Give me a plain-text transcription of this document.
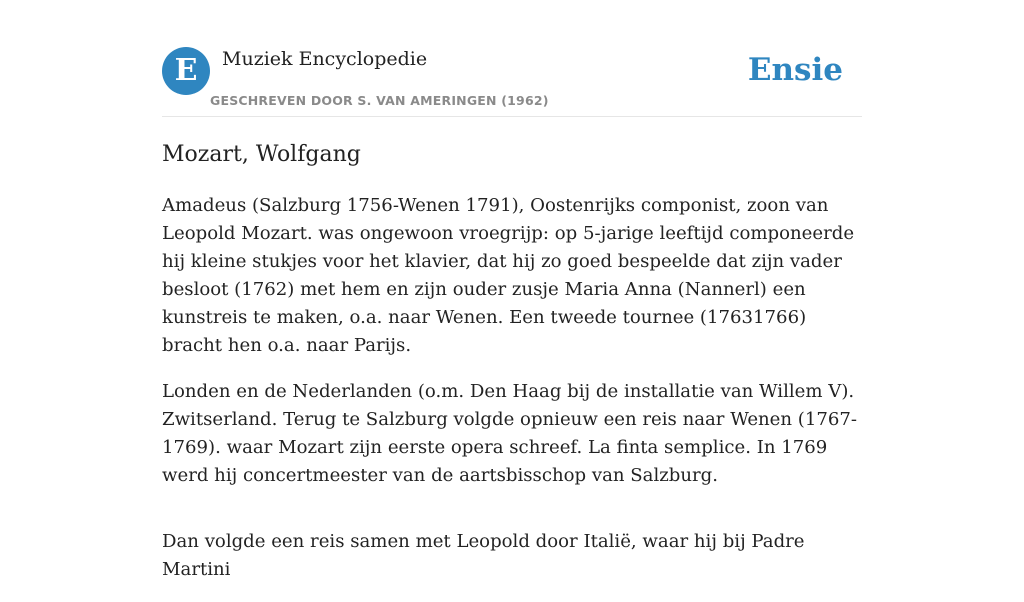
E	Muziek Encyclopedie
GESCHREVEN DOOR S. VAN AMERINGEN (1962)
Ensie
Mozart, Wolfgang

Amadeus (Salzburg 1756-Wenen 1791), Oostenrijks componist, zoon van Leopold Mozart. was ongewoon vroegrijp: op 5-jarige leeftijd componeerde hij kleine stukjes voor het klavier, dat hij zo goed bespeelde dat zijn vader besloot (1762) met hem en zijn ouder zusje Maria Anna (Nannerl) een kunstreis te maken, o.a. naar Wenen. Een tweede tournee (17631766) bracht hen o.a. naar Parijs.

Londen en de Nederlanden (o.m. Den Haag bij de installatie van Willem V). Zwitserland. Terug te Salzburg volgde opnieuw een reis naar Wenen (1767-1769). waar Mozart zijn eerste opera schreef. La finta semplice. In 1769 werd hij concertmeester van de aartsbisschop van Salzburg.

Dan volgde een reis samen met Leopold door Italië, waar hij bij Padre Martini
